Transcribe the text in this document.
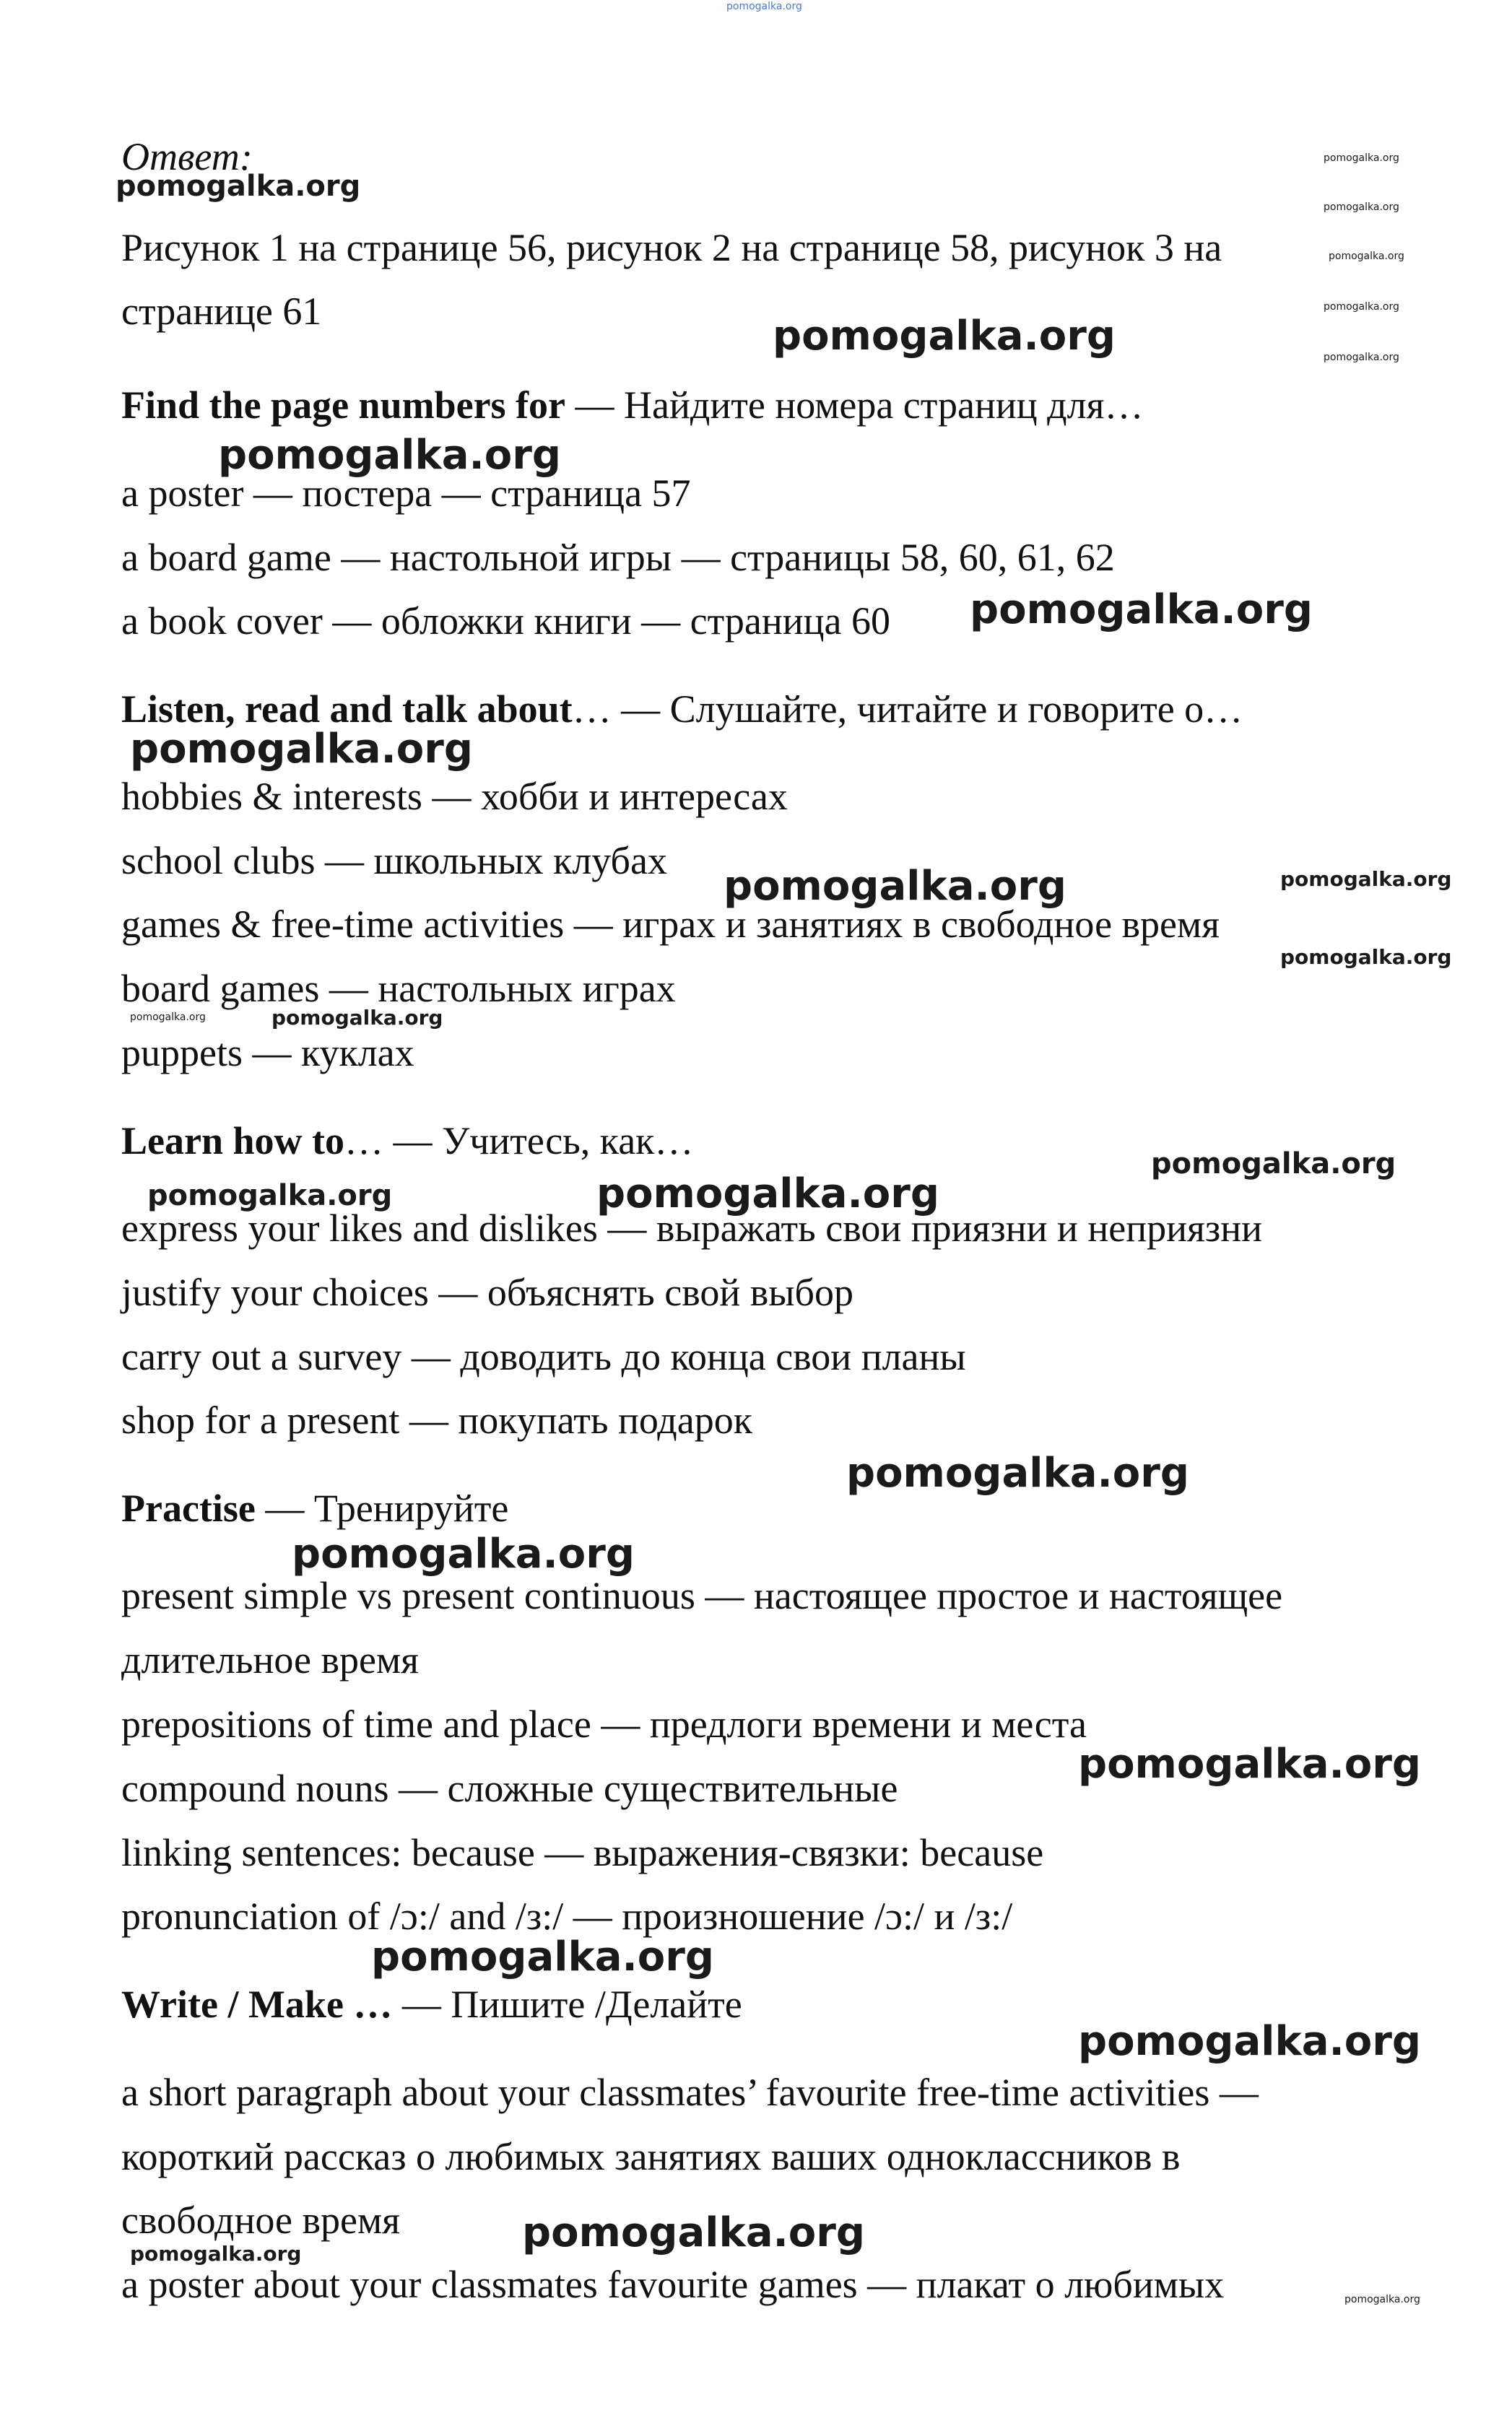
pomogalka.org
Ответ:
Рисунок 1 на странице 56, рисунок 2 на странице 58, рисунок 3 на
странице 61
Find the page numbers for — Найдите номера страниц для…
a poster — постера — страница 57
a board game — настольной игры — страницы 58, 60, 61, 62
a book cover — обложки книги — страница 60
Listen, read and talk about… — Слушайте, читайте и говорите о…
hobbies & interests — хобби и интересах
school clubs — школьных клубах
games & free-time activities — играх и занятиях в свободное время
board games — настольных играх
puppets — куклах
Learn how to… — Учитесь, как…
express your likes and dislikes — выражать свои приязни и неприязни
justify your choices — объяснять свой выбор
carry out a survey — доводить до конца свои планы
shop for a present — покупать подарок
Practise — Тренируйте
present simple vs present continuous — настоящее простое и настоящее
длительное время
prepositions of time and place — предлоги времени и места
compound nouns — сложные существительные
linking sentences: because — выражения-связки: because
pronunciation of /ɔ:/ and /з:/ — произношение /ɔ:/ и /з:/
Write / Make … — Пишите /Делайте
a short paragraph about your classmates’ favourite free-time activities —
короткий рассказ о любимых занятиях ваших одноклассников в
свободное время
a poster about your classmates favourite games — плакат о любимых
pomogalka.org
pomogalka.org
pomogalka.org
pomogalka.org
pomogalka.org
pomogalka.org
pomogalka.org
pomogalka.org
pomogalka.org
pomogalka.org
pomogalka.org	pomogalka.org
pomogalka.org
pomogalka.org	pomogalka.org
pomogalka.org
pomogalka.org	pomogalka.org
pomogalka.org
pomogalka.org
pomogalka.org
pomogalka.org
pomogalka.org
pomogalka.org
pomogalka.org
pomogalka.org
